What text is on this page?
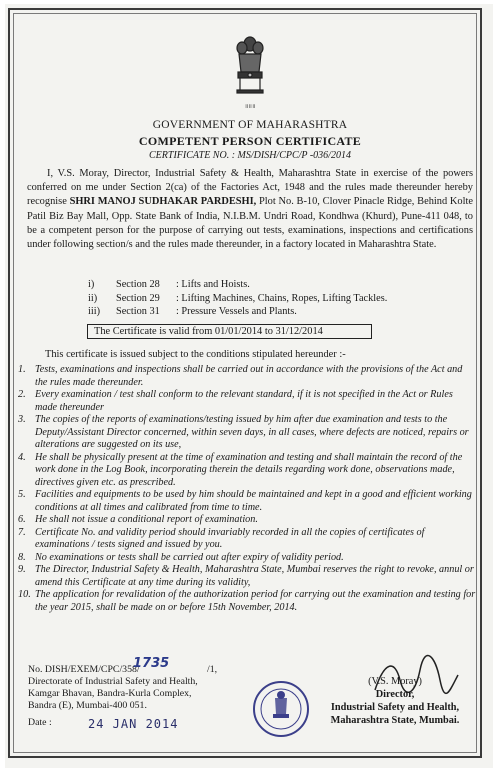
॥॥॥
GOVERNMENT OF MAHARASHTRA
COMPETENT PERSON CERTIFICATE
CERTIFICATE NO. : MS/DISH/CPC/P -036/2014
I, V.S. Moray, Director, Industrial Safety & Health, Maharashtra State in exercise of the powers conferred on me under Section 2(ca) of the Factories Act, 1948 and the rules made thereunder hereby recognise SHRI MANOJ SUDHAKAR PARDESHI, Plot No. B-10, Clover Pinacle Ridge, Behind Kolte Patil Biz Bay Mall, Opp. State Bank of India, N.I.B.M. Undri Road, Kondhwa (Khurd), Pune-411 048, to be a competent person for the purpose of carrying out tests, examinations, inspections and certifications under following section/s and the rules made thereunder, in a factory located in Maharashtra State.
i)	Section 28	: Lifts and Hoists.
ii)	Section 29	: Lifting Machines, Chains, Ropes, Lifting Tackles.
iii)	Section 31	: Pressure Vessels and Plants.
The Certificate is valid from 01/01/2014 to 31/12/2014
This certificate is issued subject to the conditions stipulated hereunder :-
1. Tests, examinations and inspections shall be carried out in accordance with the provisions of the Act and the rules made thereunder.
2. Every examination / test shall conform to the relevant standard, if it is not specified in the Act or Rules made thereunder
3. The copies of the reports of examinations/testing issued by him after due examination and tests to the Deputy/Assistant Director concerned, within seven days, in all cases, where defects are noticed, repairs or alterations are suggested on its use,
4. He shall be physically present at the time of examination and testing and shall maintain the record of the work done in the Log Book, incorporating therein the details regarding work done, observations made, directives given etc. as prescribed.
5. Facilities and equipments to be used by him should be maintained and kept in a good and efficient working conditions at all times and calibrated from time to time.
6. He shall not issue a conditional report of examination.
7. Certificate No. and validity period should invariably recorded in all the copies of certificates of examinations / tests signed and issued by you.
8. No examinations or tests shall be carried out after expiry of validity period.
9. The Director, Industrial Safety & Health, Maharashtra State, Mumbai reserves the right to revoke, annul or amend this Certificate at any time during its validity,
10. The application for revalidation of the authorization period for carrying out the examination and testing for the year 2015, shall be made on or before 15th November, 2014.
No. DISH/EXEM/CPC/358/
Directorate of Industrial Safety and Health,
Kamgar Bhavan, Bandra-Kurla Complex,
Bandra (E), Mumbai-400 051.
Date :
1735	/1,
24 JAN 2014
(V.S. Moray)
Director,
Industrial Safety and Health,
Maharashtra State, Mumbai.
